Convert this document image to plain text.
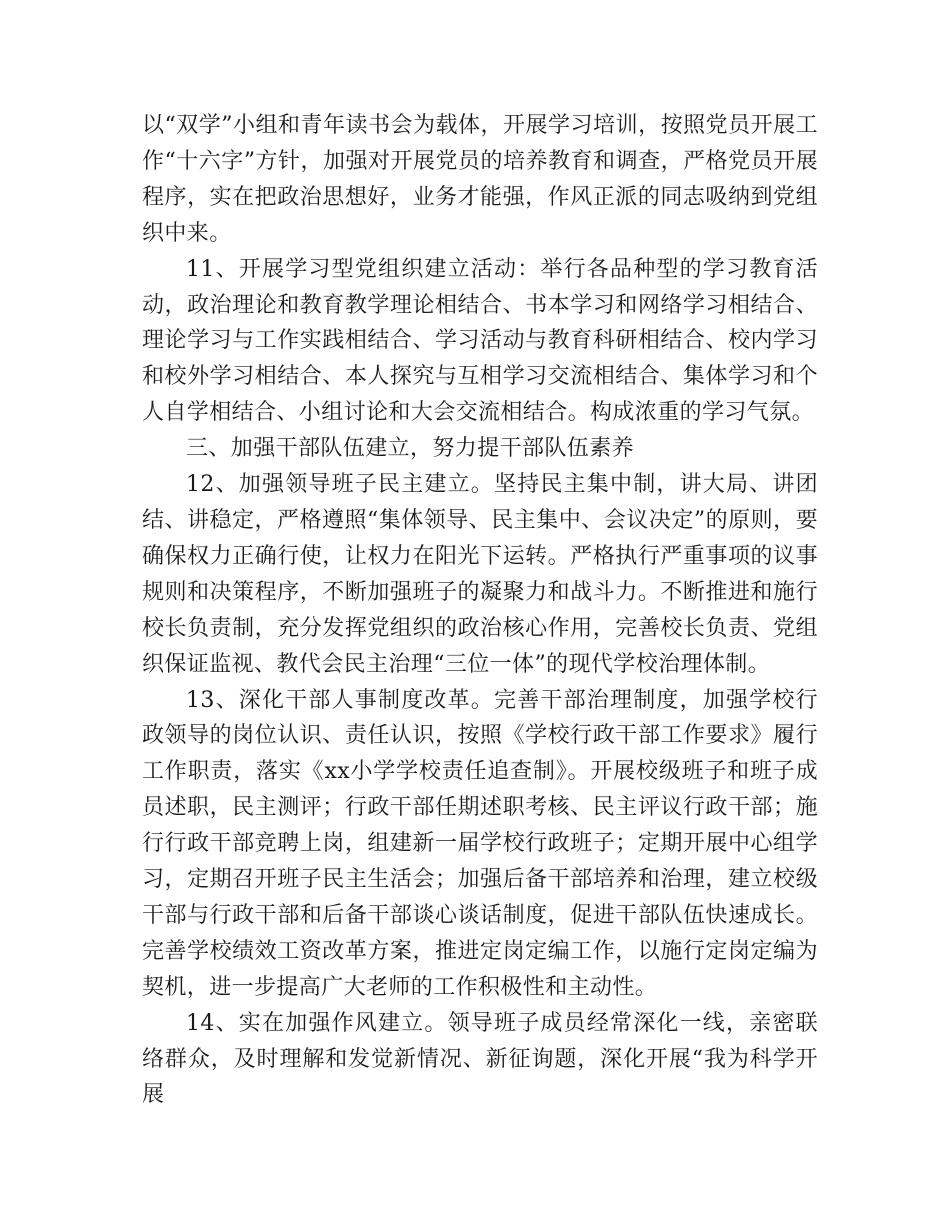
以“双学”小组和青年读书会为载体，开展学习培训，按照党员开展工作“十六字”方针，加强对开展党员的培养教育和调查，严格党员开展程序，实在把政治思想好，业务才能强，作风正派的同志吸纳到党组织中来。

11、开展学习型党组织建立活动：举行各品种型的学习教育活动，政治理论和教育教学理论相结合、书本学习和网络学习相结合、理论学习与工作实践相结合、学习活动与教育科研相结合、校内学习和校外学习相结合、本人探究与互相学习交流相结合、集体学习和个人自学相结合、小组讨论和大会交流相结合。构成浓重的学习气氛。

三、加强干部队伍建立，努力提干部队伍素养

12、加强领导班子民主建立。坚持民主集中制，讲大局、讲团结、讲稳定，严格遵照“集体领导、民主集中、会议决定”的原则，要确保权力正确行使，让权力在阳光下运转。严格执行严重事项的议事规则和决策程序，不断加强班子的凝聚力和战斗力。不断推进和施行校长负责制，充分发挥党组织的政治核心作用，完善校长负责、党组织保证监视、教代会民主治理“三位一体”的现代学校治理体制。

13、深化干部人事制度改革。完善干部治理制度，加强学校行政领导的岗位认识、责任认识，按照《学校行政干部工作要求》履行工作职责，落实《xx小学学校责任追查制》。开展校级班子和班子成员述职，民主测评；行政干部任期述职考核、民主评议行政干部；施行行政干部竞聘上岗，组建新一届学校行政班子；定期开展中心组学习，定期召开班子民主生活会；加强后备干部培养和治理，建立校级干部与行政干部和后备干部谈心谈话制度，促进干部队伍快速成长。完善学校绩效工资改革方案，推进定岗定编工作，以施行定岗定编为契机，进一步提高广大老师的工作积极性和主动性。

14、实在加强作风建立。领导班子成员经常深化一线，亲密联络群众，及时理解和发觉新情况、新征询题，深化开展“我为科学开展
